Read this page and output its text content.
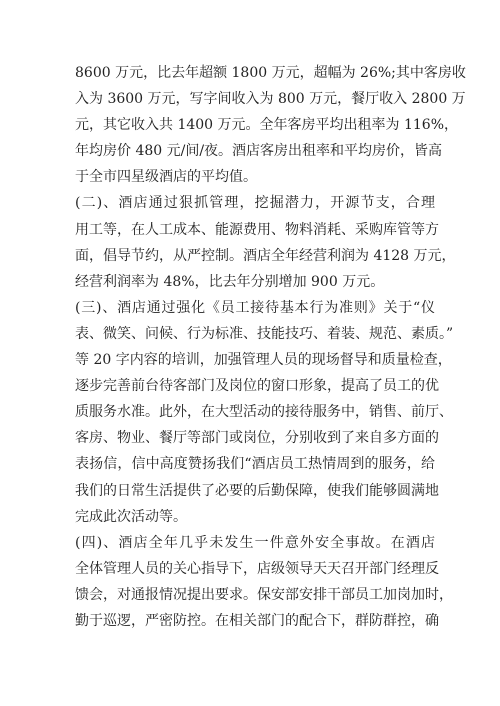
8600 万元，比去年超额 1800 万元，超幅为 26%;其中客房收
入为 3600 万元，写字间收入为 800 万元，餐厅收入 2800 万
元，其它收入共 1400 万元。全年客房平均出租率为 116%，
年均房价 480 元/间/夜。酒店客房出租率和平均房价，皆高
于全市四星级酒店的平均值。
(二)、酒店通过狠抓管理，挖掘潜力，开源节支，合理
用工等，在人工成本、能源费用、物料消耗、采购库管等方
面，倡导节约，从严控制。酒店全年经营利润为 4128 万元，
经营利润率为 48%，比去年分别增加 900 万元。
(三)、酒店通过强化《员工接待基本行为准则》关于“仪
表、微笑、问候、行为标准、技能技巧、着装、规范、素质。”
等 20 字内容的培训，加强管理人员的现场督导和质量检查，
逐步完善前台待客部门及岗位的窗口形象，提高了员工的优
质服务水准。此外，在大型活动的接待服务中，销售、前厅、
客房、物业、餐厅等部门或岗位，分别收到了来自多方面的
表扬信，信中高度赞扬我们“酒店员工热情周到的服务，给
我们的日常生活提供了必要的后勤保障，使我们能够圆满地
完成此次活动等。
(四)、酒店全年几乎未发生一件意外安全事故。在酒店
全体管理人员的关心指导下，店级领导天天召开部门经理反
馈会，对通报情况提出要求。保安部安排干部员工加岗加时，
勤于巡逻，严密防控。在相关部门的配合下，群防群控，确
